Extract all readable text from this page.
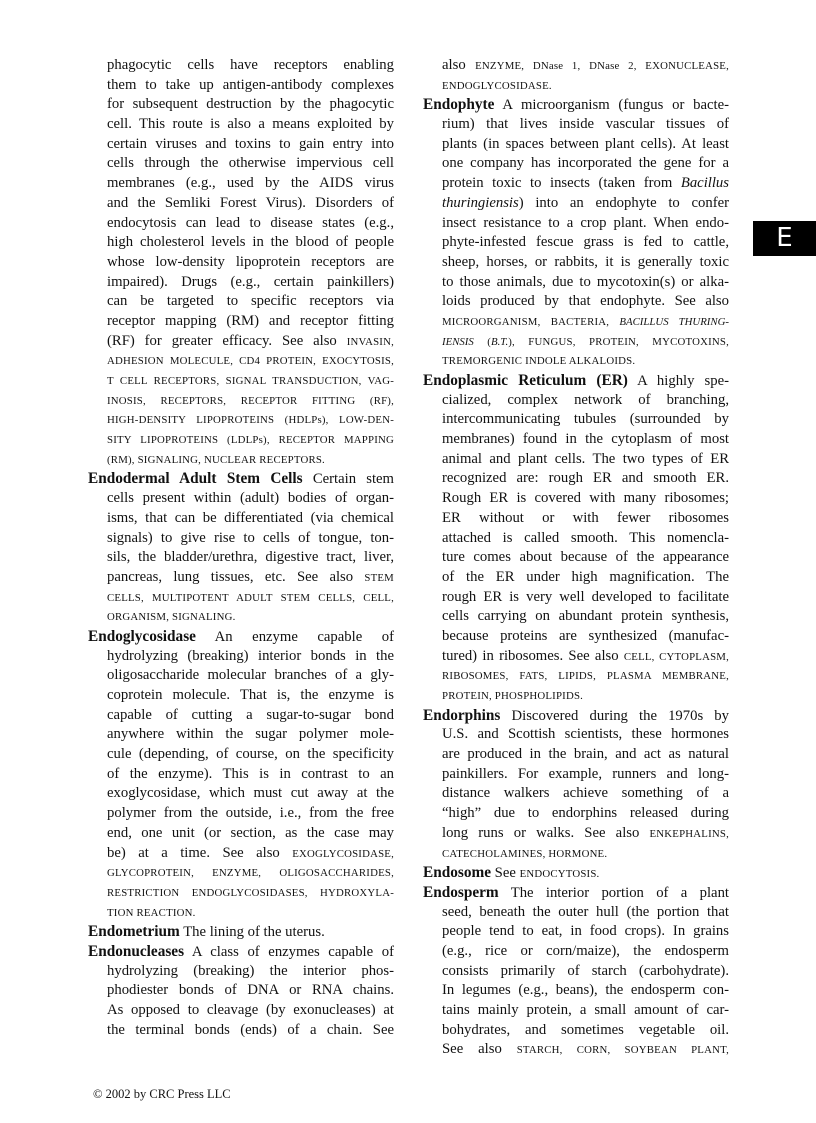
phagocytic cells have receptors enabling
them to take up antigen-antibody complexes
for subsequent destruction by the phagocytic
cell. This route is also a means exploited by
certain viruses and toxins to gain entry into
cells through the otherwise impervious cell
membranes (e.g., used by the AIDS virus
and the Semliki Forest Virus). Disorders of
endocytosis can lead to disease states (e.g.,
high cholesterol levels in the blood of people
whose low-density lipoprotein receptors are
impaired). Drugs (e.g., certain painkillers)
can be targeted to specific receptors via
receptor mapping (RM) and receptor fitting
(RF) for greater efficacy. See also INVASIN,
ADHESION MOLECULE, CD4 PROTEIN, EXOCYTOSIS,
T CELL RECEPTORS, SIGNAL TRANSDUCTION, VAG-
INOSIS, RECEPTORS, RECEPTOR FITTING (RF),
HIGH-DENSITY LIPOPROTEINS (HDLPs), LOW-DEN-
SITY LIPOPROTEINS (LDLPs), RECEPTOR MAPPING
(RM), SIGNALING, NUCLEAR RECEPTORS.
Endodermal Adult Stem Cells Certain stem
cells present within (adult) bodies of organ-
isms, that can be differentiated (via chemical
signals) to give rise to cells of tongue, ton-
sils, the bladder/urethra, digestive tract, liver,
pancreas, lung tissues, etc. See also STEM
CELLS, MULTIPOTENT ADULT STEM CELLS, CELL,
ORGANISM, SIGNALING.
Endoglycosidase An enzyme capable of
hydrolyzing (breaking) interior bonds in the
oligosaccharide molecular branches of a gly-
coprotein molecule. That is, the enzyme is
capable of cutting a sugar-to-sugar bond
anywhere within the sugar polymer mole-
cule (depending, of course, on the specificity
of the enzyme). This is in contrast to an
exoglycosidase, which must cut away at the
polymer from the outside, i.e., from the free
end, one unit (or section, as the case may
be) at a time. See also EXOGLYCOSIDASE,
GLYCOPROTEIN, ENZYME, OLIGOSACCHARIDES,
RESTRICTION ENDOGLYCOSIDASES, HYDROXYLA-
TION REACTION.
Endometrium The lining of the uterus.
Endonucleases A class of enzymes capable of
hydrolyzing (breaking) the interior phos-
phodiester bonds of DNA or RNA chains.
As opposed to cleavage (by exonucleases) at
the terminal bonds (ends) of a chain. See
also ENZYME, DNase 1, DNase 2, EXONUCLEASE,
ENDOGLYCOSIDASE.
Endophyte A microorganism (fungus or bacte-
rium) that lives inside vascular tissues of
plants (in spaces between plant cells). At least
one company has incorporated the gene for a
protein toxic to insects (taken from Bacillus
thuringiensis) into an endophyte to confer
insect resistance to a crop plant. When endo-
phyte-infested fescue grass is fed to cattle,
sheep, horses, or rabbits, it is generally toxic
to those animals, due to mycotoxin(s) or alka-
loids produced by that endophyte. See also
MICROORGANISM, BACTERIA, BACILLUS THURING-
IENSIS (B.T.), FUNGUS, PROTEIN, MYCOTOXINS,
TREMORGENIC INDOLE ALKALOIDS.
Endoplasmic Reticulum (ER) A highly spe-
cialized, complex network of branching,
intercommunicating tubules (surrounded by
membranes) found in the cytoplasm of most
animal and plant cells. The two types of ER
recognized are: rough ER and smooth ER.
Rough ER is covered with many ribosomes;
ER without or with fewer ribosomes
attached is called smooth. This nomencla-
ture comes about because of the appearance
of the ER under high magnification. The
rough ER is very well developed to facilitate
cells carrying on abundant protein synthesis,
because proteins are synthesized (manufac-
tured) in ribosomes. See also CELL, CYTOPLASM,
RIBOSOMES, FATS, LIPIDS, PLASMA MEMBRANE,
PROTEIN, PHOSPHOLIPIDS.
Endorphins Discovered during the 1970s by
U.S. and Scottish scientists, these hormones
are produced in the brain, and act as natural
painkillers. For example, runners and long-
distance walkers achieve something of a
“high” due to endorphins released during
long runs or walks. See also ENKEPHALINS,
CATECHOLAMINES, HORMONE.
Endosome See ENDOCYTOSIS.
Endosperm The interior portion of a plant
seed, beneath the outer hull (the portion that
people tend to eat, in food crops). In grains
(e.g., rice or corn/maize), the endosperm
consists primarily of starch (carbohydrate).
In legumes (e.g., beans), the endosperm con-
tains mainly protein, a small amount of car-
bohydrates, and sometimes vegetable oil.
See also STARCH, CORN, SOYBEAN PLANT,
E
© 2002 by CRC Press LLC
